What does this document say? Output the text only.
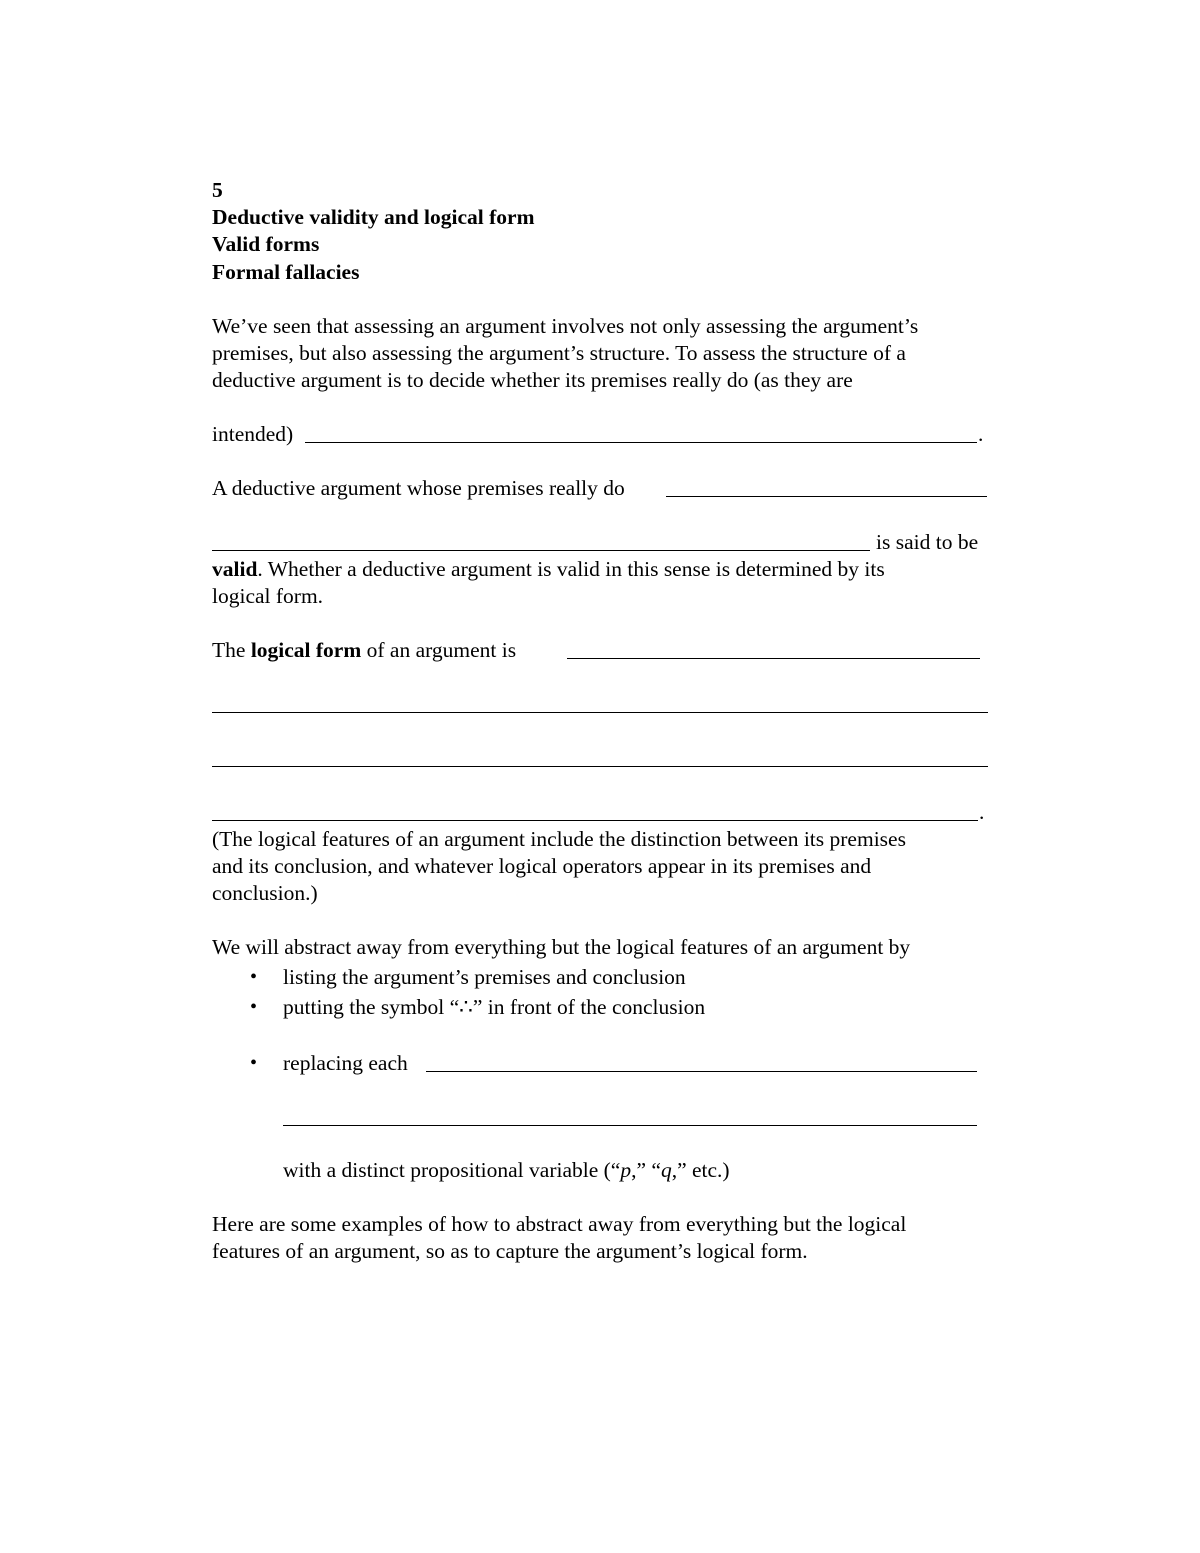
5
Deductive validity and logical form
Valid forms
Formal fallacies
We’ve seen that assessing an argument involves not only assessing the argument’s
premises, but also assessing the argument’s structure. To assess the structure of a
deductive argument is to decide whether its premises really do (as they are
intended)	.
A deductive argument whose premises really do
is said to be
valid. Whether a deductive argument is valid in this sense is determined by its
logical form.
The logical form of an argument is
.
(The logical features of an argument include the distinction between its premises
and its conclusion, and whatever logical operators appear in its premises and
conclusion.)
We will abstract away from everything but the logical features of an argument by
• listing the argument’s premises and conclusion
• putting the symbol “∴” in front of the conclusion
• replacing each
with a distinct propositional variable (“p,” “q,” etc.)
Here are some examples of how to abstract away from everything but the logical
features of an argument, so as to capture the argument’s logical form.
